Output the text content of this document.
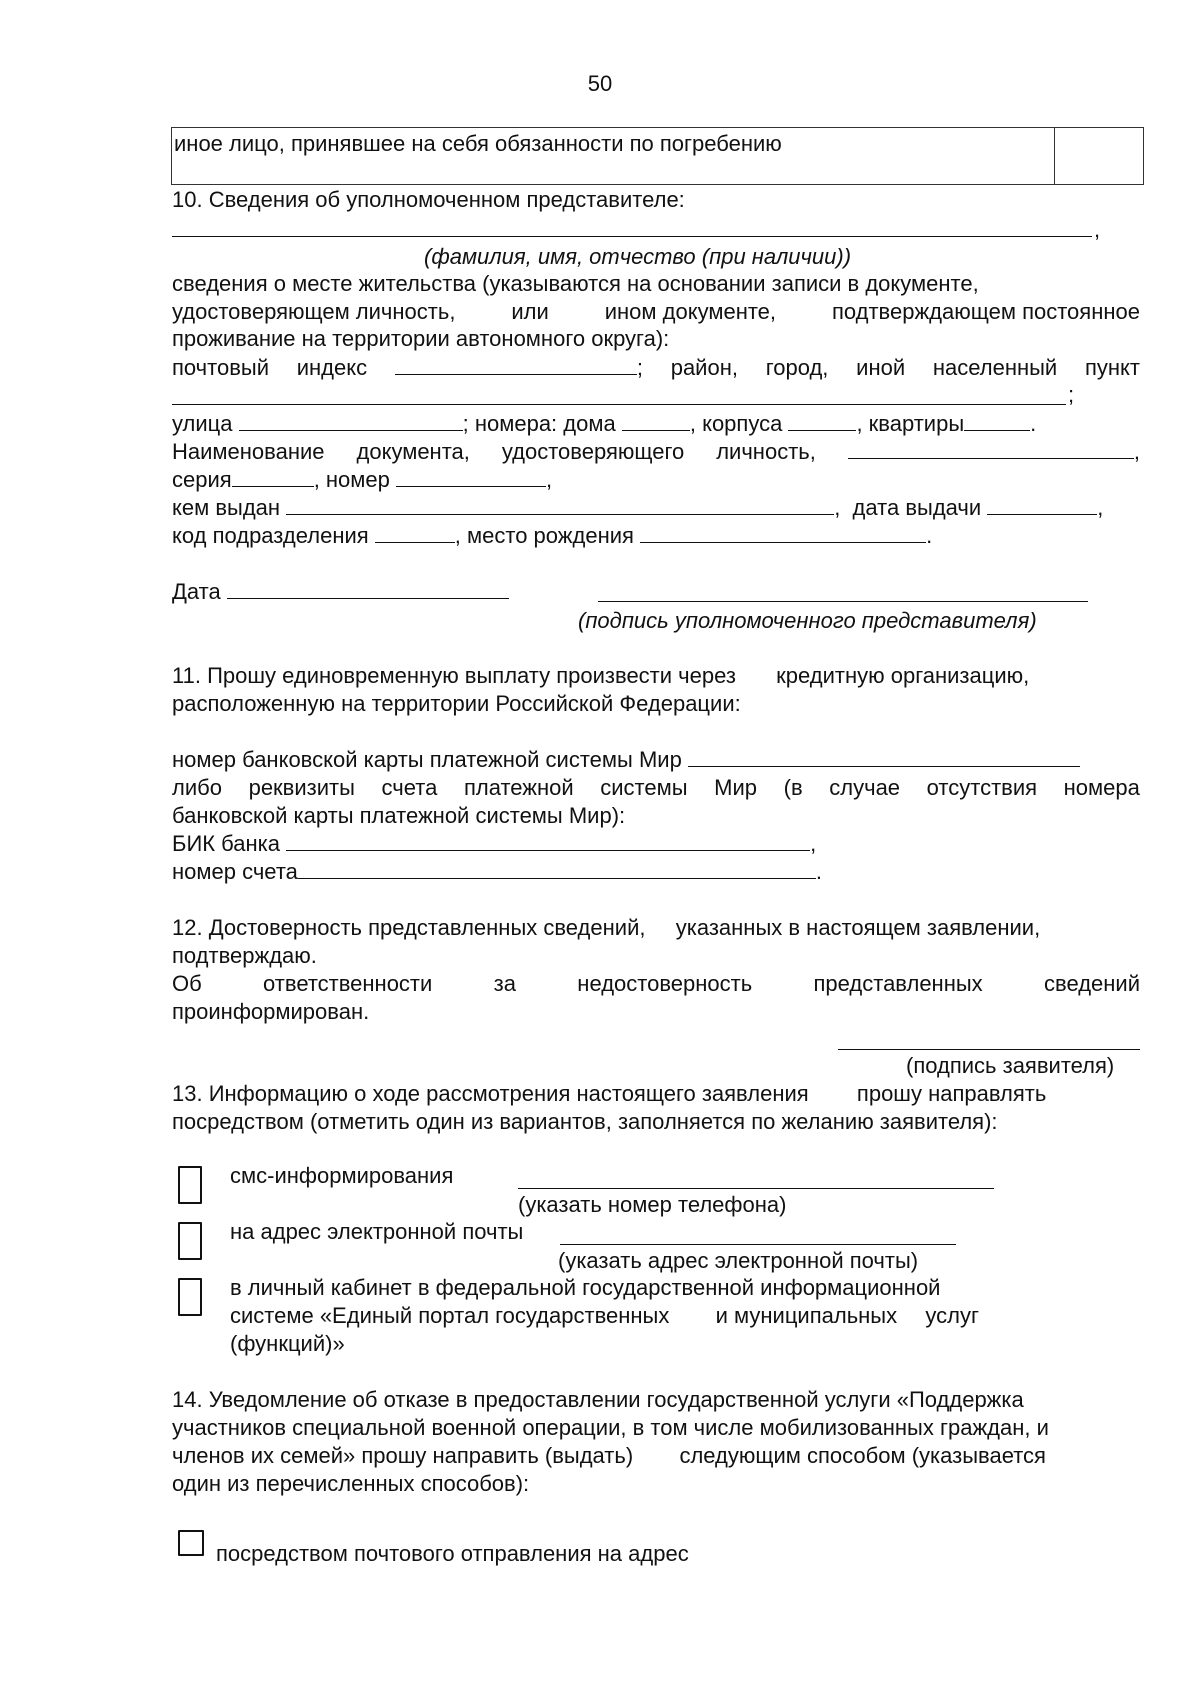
50
иное лицо, принявшее на себя обязанности по погребению
10. Сведения об уполномоченном представителе:
,
(фамилия, имя, отчество (при наличии))
сведения о месте жительства (указываются на основании записи в документе,
удостоверяющем личность,	или	ином документе,	подтверждающем постоянное
проживание на территории автономного округа):
почтовый индекс	; район, город, иной населенный пункт
;
улица	; номера: дома	, корпуса	, квартиры	.
Наименование документа, удостоверяющего личность,	,
серия	, номер	,
кем выдан	,  дата выдачи	,
код подразделения	, место рождения	.
Дата
(подпись уполномоченного представителя)
11. Прошу единовременную выплату произвести через кредитную организацию,
расположенную на территории Российской Федерации:
номер банковской карты платежной системы Мир
либо реквизиты счета платежной системы Мир (в случае отсутствия номера
банковской карты платежной системы Мир):
БИК банка	,
номер счета	.
12. Достоверность представленных сведений, указанных в настоящем заявлении,
подтверждаю.
Об	ответственности	за	недостоверность	представленных	сведений
проинформирован.
(подпись заявителя)
13. Информацию о ходе рассмотрения настоящего заявления прошу направлять
посредством (отметить один из вариантов, заполняется по желанию заявителя):
смс-информирования
(указать номер телефона)
на адрес электронной почты
(указать адрес электронной почты)
в личный кабинет в федеральной государственной информационной
системе «Единый портал государственных и муниципальных услуг
(функций)»
14. Уведомление об отказе в предоставлении государственной услуги «Поддержка
участников специальной военной операции, в том числе мобилизованных граждан, и
членов их семей» прошу направить (выдать) следующим способом (указывается
один из перечисленных способов):
посредством почтового отправления на адрес
